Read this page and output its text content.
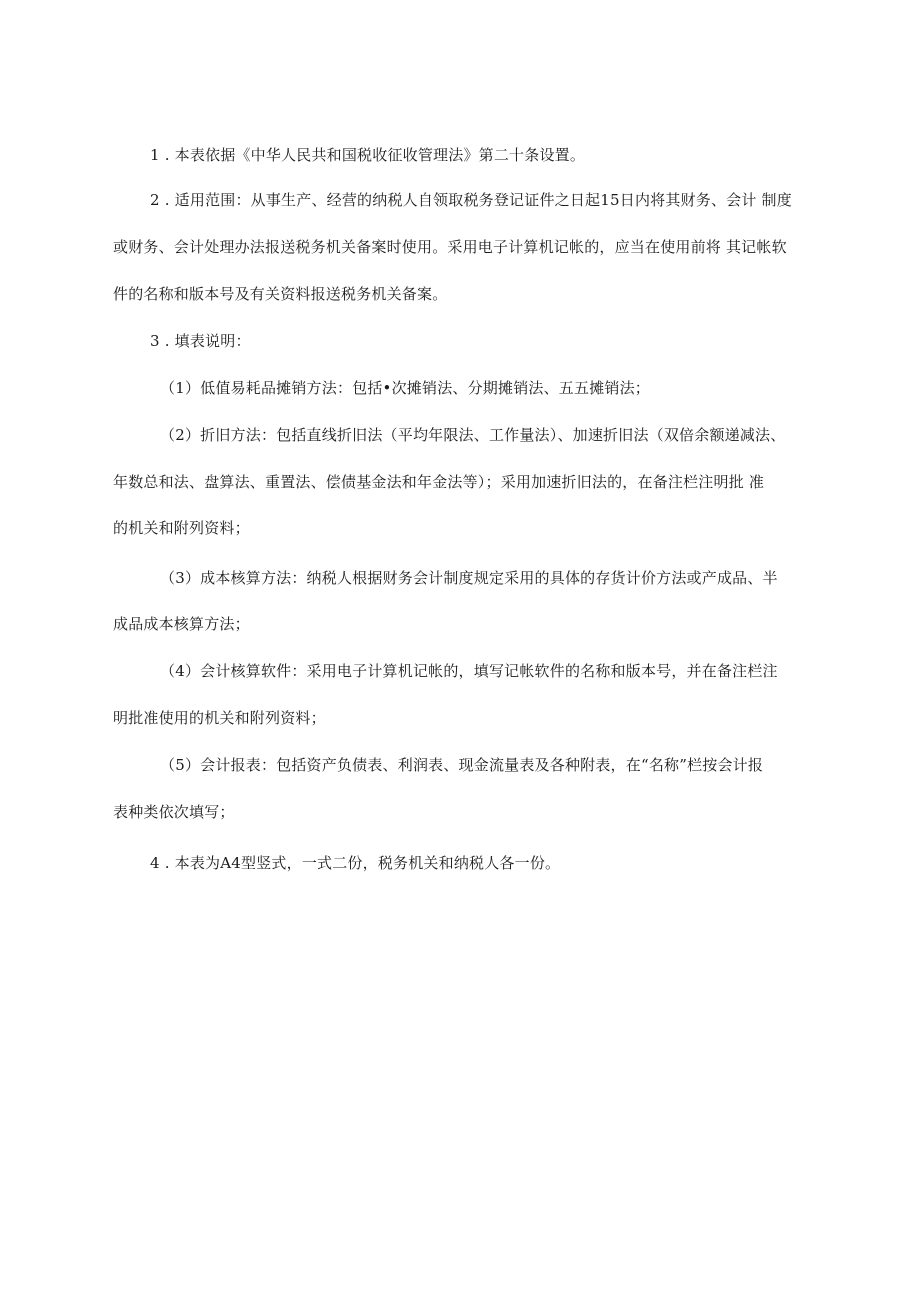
1 . 本表依据《中华人民共和国税收征收管理法》第二十条设置。
2 . 适用范围：从事生产、经营的纳税人自领取税务登记证件之日起15日内将其财务、会计 制度
或财务、会计处理办法报送税务机关备案时使用。采用电子计算机记帐的，应当在使用前将 其记帐软
件的名称和版本号及有关资料报送税务机关备案。
3 . 填表说明：
（1）低值易耗品摊销方法：包括•次摊销法、分期摊销法、五五摊销法；
（2）折旧方法：包括直线折旧法（平均年限法、工作量法）、加速折旧法（双倍余额递减法、
年数总和法、盘算法、重置法、偿债基金法和年金法等）；采用加速折旧法的，在备注栏注明批 准
的机关和附列资料；
（3）成本核算方法：纳税人根据财务会计制度规定采用的具体的存货计价方法或产成品、半
成品成本核算方法；
（4）会计核算软件：采用电子计算机记帐的，填写记帐软件的名称和版本号，并在备注栏注
明批准使用的机关和附列资料；
（5）会计报表：包括资产负债表、利润表、现金流量表及各种附表，在“名称”栏按会计报
表种类依次填写；
4 . 本表为A4型竖式，一式二份，税务机关和纳税人各一份。
